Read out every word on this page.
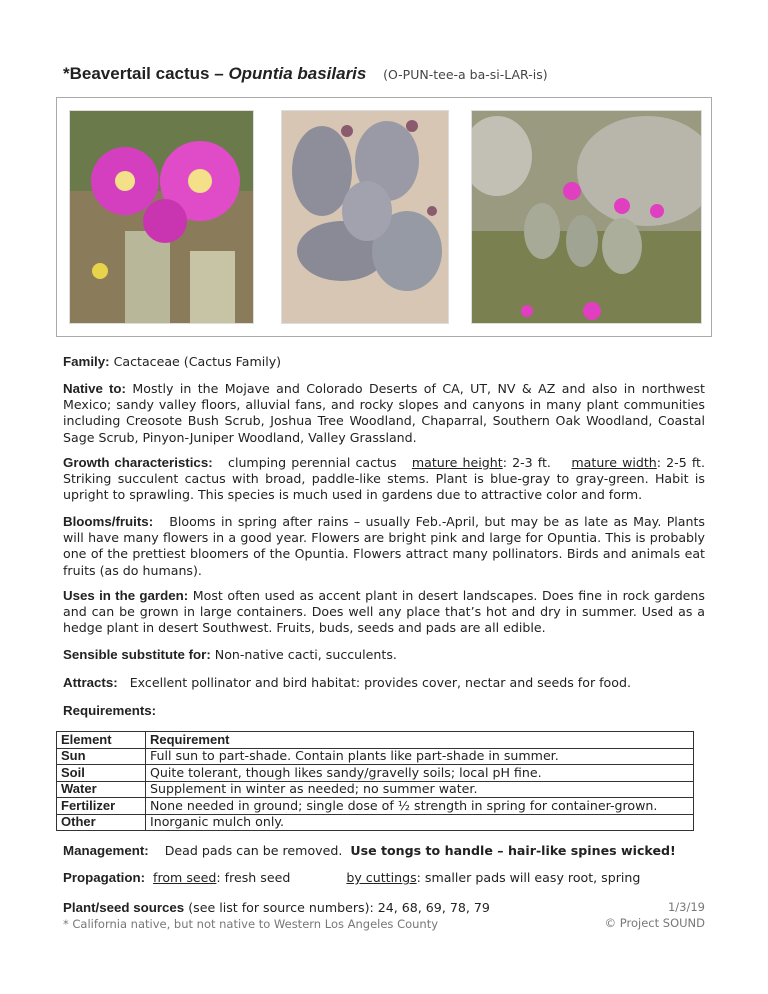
*Beavertail cactus – Opuntia basilaris (O-PUN-tee-a ba-si-LAR-is)
Family: Cactaceae (Cactus Family)
Native to: Mostly in the Mojave and Colorado Deserts of CA, UT, NV & AZ and also in northwest Mexico; sandy valley floors, alluvial fans, and rocky slopes and canyons in many plant communities including Creosote Bush Scrub, Joshua Tree Woodland, Chaparral, Southern Oak Woodland, Coastal Sage Scrub, Pinyon-Juniper Woodland, Valley Grassland.
Growth characteristics: clumping perennial cactus mature height: 2-3 ft. mature width: 2-5 ft. Striking succulent cactus with broad, paddle-like stems. Plant is blue-gray to gray-green. Habit is upright to sprawling. This species is much used in gardens due to attractive color and form.
Blooms/fruits: Blooms in spring after rains – usually Feb.-April, but may be as late as May. Plants will have many flowers in a good year. Flowers are bright pink and large for Opuntia. This is probably one of the prettiest bloomers of the Opuntia. Flowers attract many pollinators. Birds and animals eat fruits (as do humans).
Uses in the garden: Most often used as accent plant in desert landscapes. Does fine in rock gardens and can be grown in large containers. Does well any place that’s hot and dry in summer. Used as a hedge plant in desert Southwest. Fruits, buds, seeds and pads are all edible.
Sensible substitute for: Non-native cacti, succulents.
Attracts: Excellent pollinator and bird habitat: provides cover, nectar and seeds for food.
Requirements:
Element	Requirement
Sun	Full sun to part-shade. Contain plants like part-shade in summer.
Soil	Quite tolerant, though likes sandy/gravelly soils; local pH fine.
Water	Supplement in winter as needed; no summer water.
Fertilizer	None needed in ground; single dose of ½ strength in spring for container-grown.
Other	Inorganic mulch only.
Management: Dead pads can be removed. Use tongs to handle – hair-like spines wicked!
Propagation: from seed: fresh seed	by cuttings: smaller pads will easy root, spring
Plant/seed sources (see list for source numbers): 24, 68, 69, 78, 79	1/3/19
* California native, but not native to Western Los Angeles County	© Project SOUND
